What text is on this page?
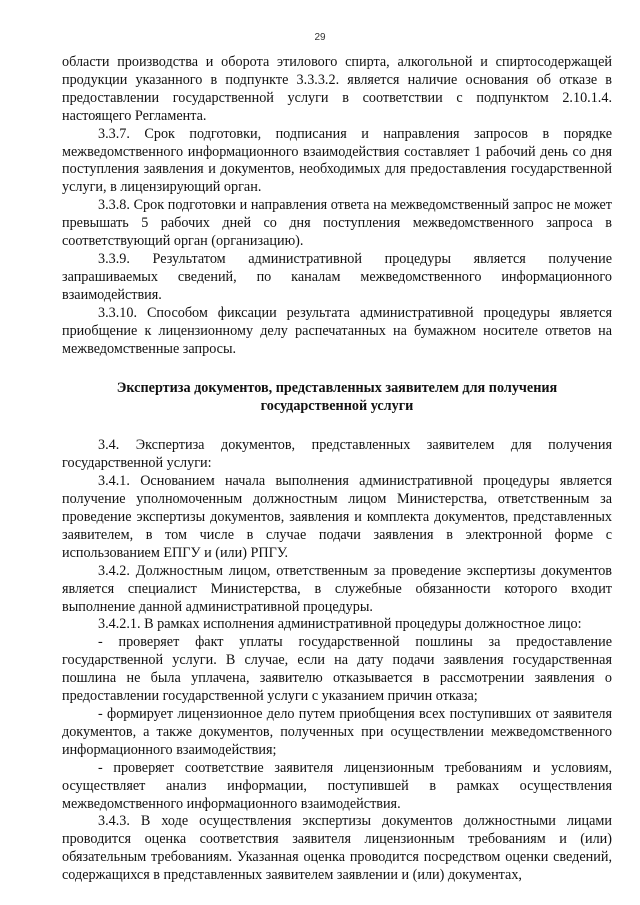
29

области производства и оборота этилового спирта, алкогольной и спиртосодержащей продукции указанного в подпункте 3.3.3.2. является наличие основания об отказе в предоставлении государственной услуги в соответствии с подпунктом 2.10.1.4. настоящего Регламента.

3.3.7. Срок подготовки, подписания и направления запросов в порядке межведомственного информационного взаимодействия составляет 1 рабочий день со дня поступления заявления и документов, необходимых для предоставления государственной услуги, в лицензирующий орган.

3.3.8. Срок подготовки и направления ответа на межведомственный запрос не может превышать 5 рабочих дней со дня поступления межведомственного запроса в соответствующий орган (организацию).

3.3.9. Результатом административной процедуры является получение запрашиваемых сведений, по каналам межведомственного информационного взаимодействия.

3.3.10. Способом фиксации результата административной процедуры является приобщение к лицензионному делу распечатанных на бумажном носителе ответов на межведомственные запросы.

Экспертиза документов, представленных заявителем для получения государственной услуги

3.4. Экспертиза документов, представленных заявителем для получения государственной услуги:

3.4.1. Основанием начала выполнения административной процедуры является получение уполномоченным должностным лицом Министерства, ответственным за проведение экспертизы документов, заявления и комплекта документов, представленных заявителем, в том числе в случае подачи заявления в электронной форме с использованием ЕПГУ и (или) РПГУ.

3.4.2. Должностным лицом, ответственным за проведение экспертизы документов является специалист Министерства, в служебные обязанности которого входит выполнение данной административной процедуры.

3.4.2.1. В рамках исполнения административной процедуры должностное лицо:

- проверяет факт уплаты государственной пошлины за предоставление государственной услуги. В случае, если на дату подачи заявления государственная пошлина не была уплачена, заявителю отказывается в рассмотрении заявления о предоставлении государственной услуги с указанием причин отказа;

- формирует лицензионное дело путем приобщения всех поступивших от заявителя документов, а также документов, полученных при осуществлении межведомственного информационного взаимодействия;

- проверяет соответствие заявителя лицензионным требованиям и условиям, осуществляет анализ информации, поступившей в рамках осуществления межведомственного информационного взаимодействия.

3.4.3. В ходе осуществления экспертизы документов должностными лицами проводится оценка соответствия заявителя лицензионным требованиям и (или) обязательным требованиям. Указанная оценка проводится посредством оценки сведений, содержащихся в представленных заявителем заявлении и (или) документах,
